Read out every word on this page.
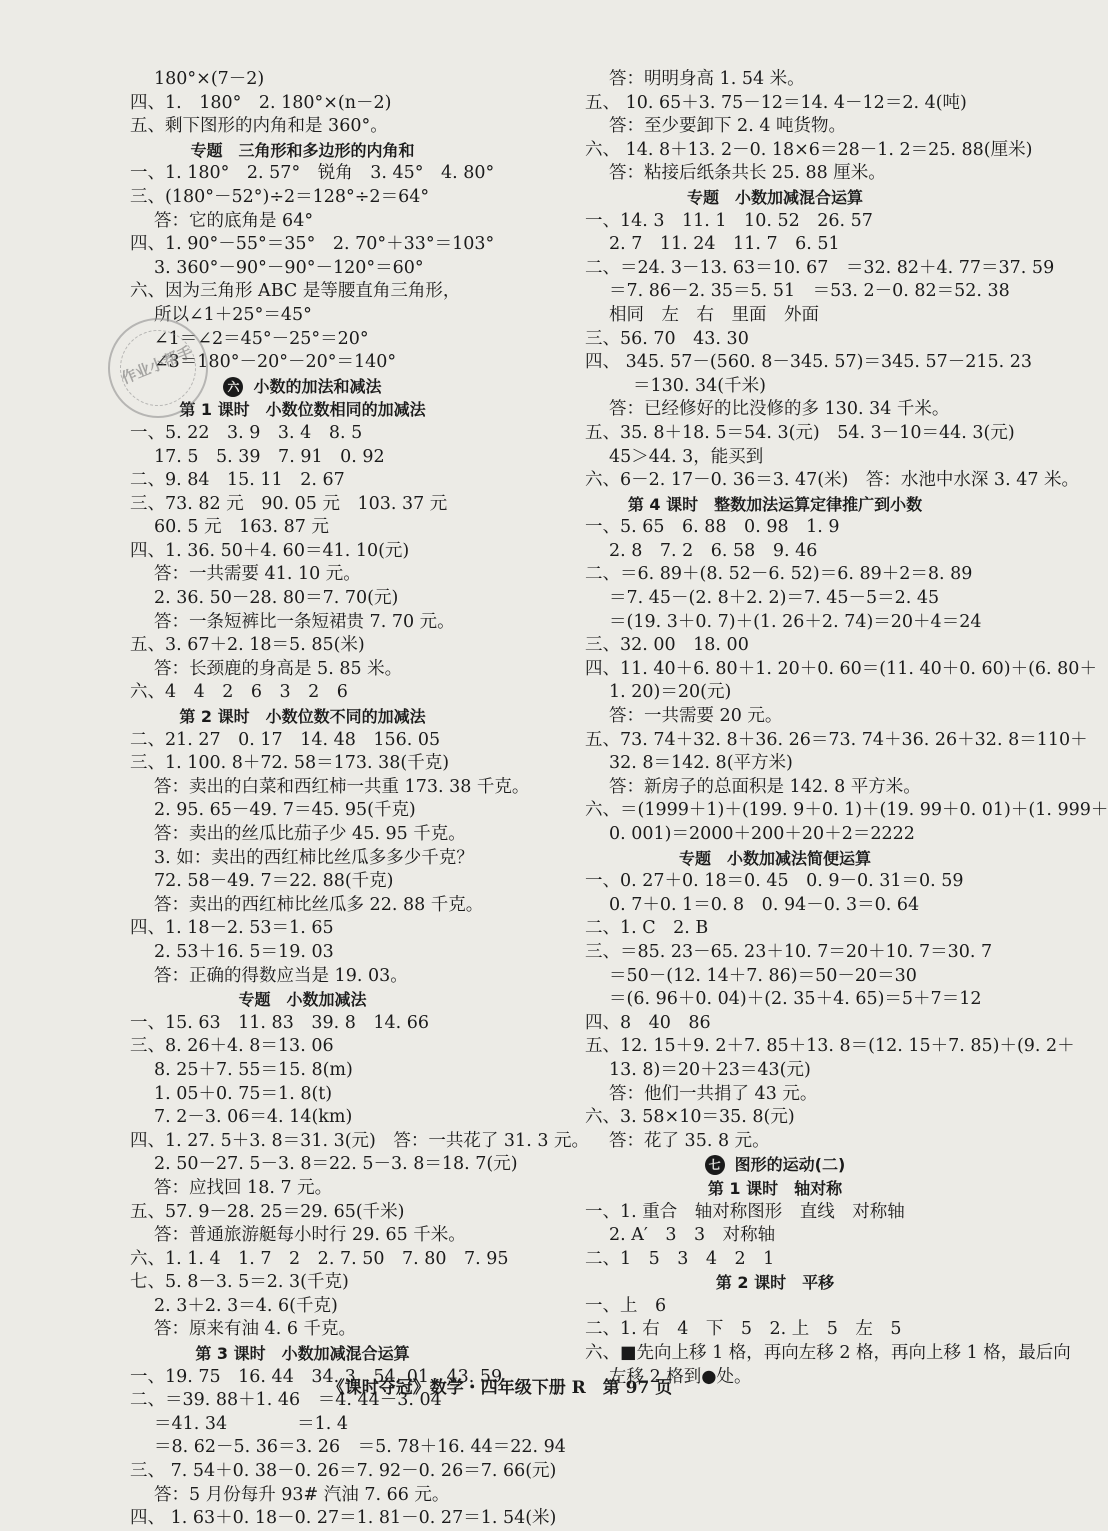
180°×(7－2)
四、1.　180°　2. 180°×(n－2)
五、剩下图形的内角和是 360°。
专题　三角形和多边形的内角和
一、1. 180°　2. 57°　锐角　3. 45°　4. 80°
三、(180°－52°)÷2＝128°÷2＝64°
答：它的底角是 64°
四、1. 90°－55°＝35°　2. 70°＋33°＝103°
3. 360°－90°－90°－120°＝60°
六、因为三角形 ABC 是等腰直角三角形，
所以∠1＋25°＝45°
∠1＝∠2＝45°－25°＝20°
∠3＝180°－20°－20°＝140°
六 小数的加法和减法
第 1 课时　小数位数相同的加减法
一、5. 22　3. 9　3. 4　8. 5
17. 5　5. 39　7. 91　0. 92
二、9. 84　15. 11　2. 67
三、73. 82 元　90. 05 元　103. 37 元
60. 5 元　163. 87 元
四、1. 36. 50＋4. 60＝41. 10(元)
答：一共需要 41. 10 元。
2. 36. 50－28. 80＝7. 70(元)
答：一条短裤比一条短裙贵 7. 70 元。
五、3. 67＋2. 18＝5. 85(米)
答：长颈鹿的身高是 5. 85 米。
六、4　4　2　6　3　2　6
第 2 课时　小数位数不同的加减法
二、21. 27　0. 17　14. 48　156. 05
三、1. 100. 8＋72. 58＝173. 38(千克)
答：卖出的白菜和西红柿一共重 173. 38 千克。
2. 95. 65－49. 7＝45. 95(千克)
答：卖出的丝瓜比茄子少 45. 95 千克。
3. 如：卖出的西红柿比丝瓜多多少千克？
72. 58－49. 7＝22. 88(千克)
答：卖出的西红柿比丝瓜多 22. 88 千克。
四、1. 18－2. 53＝1. 65
2. 53＋16. 5＝19. 03
答：正确的得数应当是 19. 03。
专题　小数加减法
一、15. 63　11. 83　39. 8　14. 66
三、8. 26＋4. 8＝13. 06
8. 25＋7. 55＝15. 8(m)
1. 05＋0. 75＝1. 8(t)
7. 2－3. 06＝4. 14(km)
四、1. 27. 5＋3. 8＝31. 3(元)　答：一共花了 31. 3 元。
2. 50－27. 5－3. 8＝22. 5－3. 8＝18. 7(元)
答：应找回 18. 7 元。
五、57. 9－28. 25＝29. 65(千米)
答：普通旅游艇每小时行 29. 65 千米。
六、1. 1. 4　1. 7　2　2. 7. 50　7. 80　7. 95
七、5. 8－3. 5＝2. 3(千克)
2. 3＋2. 3＝4. 6(千克)
答：原来有油 4. 6 千克。
第 3 课时　小数加减混合运算
一、19. 75　16. 44　34. 3　54. 01　43. 59
二、＝39. 88＋1. 46　＝4. 44－3. 04
＝41. 34　　　　＝1. 4
＝8. 62－5. 36＝3. 26　＝5. 78＋16. 44＝22. 94
三、 7. 54＋0. 38－0. 26＝7. 92－0. 26＝7. 66(元)
答：5 月份每升 93# 汽油 7. 66 元。
四、 1. 63＋0. 18－0. 27＝1. 81－0. 27＝1. 54(米)
答：明明身高 1. 54 米。
五、 10. 65＋3. 75－12＝14. 4－12＝2. 4(吨)
答：至少要卸下 2. 4 吨货物。
六、 14. 8＋13. 2－0. 18×6＝28－1. 2＝25. 88(厘米)
答：粘接后纸条共长 25. 88 厘米。
专题　小数加减混合运算
一、14. 3　11. 1　10. 52　26. 57
2. 7　11. 24　11. 7　6. 51
二、＝24. 3－13. 63＝10. 67　＝32. 82＋4. 77＝37. 59
＝7. 86－2. 35＝5. 51　＝53. 2－0. 82＝52. 38
相同　左　右　里面　外面
三、56. 70　43. 30
四、 345. 57－(560. 8－345. 57)＝345. 57－215. 23
＝130. 34(千米)
答：已经修好的比没修的多 130. 34 千米。
五、35. 8＋18. 5＝54. 3(元)　54. 3－10＝44. 3(元)
45＞44. 3，能买到
六、6－2. 17－0. 36＝3. 47(米)　答：水池中水深 3. 47 米。
第 4 课时　整数加法运算定律推广到小数
一、5. 65　6. 88　0. 98　1. 9
2. 8　7. 2　6. 58　9. 46
二、＝6. 89＋(8. 52－6. 52)＝6. 89＋2＝8. 89
＝7. 45－(2. 8＋2. 2)＝7. 45－5＝2. 45
＝(19. 3＋0. 7)＋(1. 26＋2. 74)＝20＋4＝24
三、32. 00　18. 00
四、11. 40＋6. 80＋1. 20＋0. 60＝(11. 40＋0. 60)＋(6. 80＋
1. 20)＝20(元)
答：一共需要 20 元。
五、73. 74＋32. 8＋36. 26＝73. 74＋36. 26＋32. 8＝110＋
32. 8＝142. 8(平方米)
答：新房子的总面积是 142. 8 平方米。
六、＝(1999＋1)＋(199. 9＋0. 1)＋(19. 99＋0. 01)＋(1. 999＋
0. 001)＝2000＋200＋20＋2＝2222
专题　小数加减法简便运算
一、0. 27＋0. 18＝0. 45　0. 9－0. 31＝0. 59
0. 7＋0. 1＝0. 8　0. 94－0. 3＝0. 64
二、1. C　2. B
三、＝85. 23－65. 23＋10. 7＝20＋10. 7＝30. 7
＝50－(12. 14＋7. 86)＝50－20＝30
＝(6. 96＋0. 04)＋(2. 35＋4. 65)＝5＋7＝12
四、8　40　86
五、12. 15＋9. 2＋7. 85＋13. 8＝(12. 15＋7. 85)＋(9. 2＋
13. 8)＝20＋23＝43(元)
答：他们一共捐了 43 元。
六、3. 58×10＝35. 8(元)
答：花了 35. 8 元。
七 图形的运动(二)
第 1 课时　轴对称
一、1. 重合　轴对称图形　直线　对称轴
2. A′　3　3　对称轴
二、1　5　3　4　2　1
第 2 课时　平移
一、上　6
二、1. 右　4　下　5　2. 上　5　左　5
六、■先向上移 1 格，再向左移 2 格，再向上移 1 格，最后向
左移 2 格到●处。
作业小帮手
《课时夺冠》数学・四年级下册 R　第 97 页
